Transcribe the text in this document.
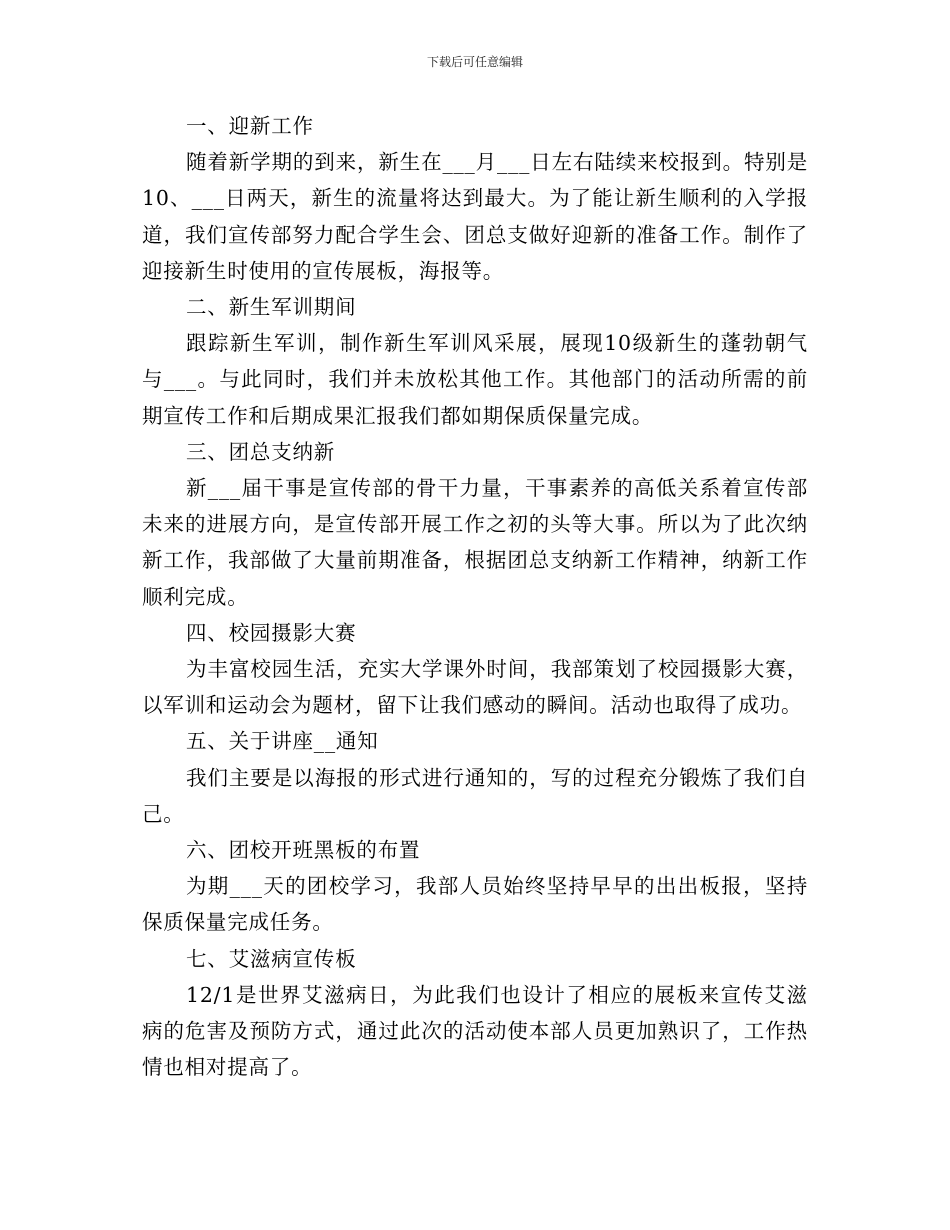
下载后可任意编辑

一、迎新工作

随着新学期的到来，新生在___月___日左右陆续来校报到。特别是10、___日两天，新生的流量将达到最大。为了能让新生顺利的入学报道，我们宣传部努力配合学生会、团总支做好迎新的准备工作。制作了迎接新生时使用的宣传展板，海报等。

二、新生军训期间

跟踪新生军训，制作新生军训风采展，展现10级新生的蓬勃朝气与___。与此同时，我们并未放松其他工作。其他部门的活动所需的前期宣传工作和后期成果汇报我们都如期保质保量完成。

三、团总支纳新

新___届干事是宣传部的骨干力量，干事素养的高低关系着宣传部未来的进展方向，是宣传部开展工作之初的头等大事。所以为了此次纳新工作，我部做了大量前期准备，根据团总支纳新工作精神，纳新工作顺利完成。

四、校园摄影大赛

为丰富校园生活，充实大学课外时间，我部策划了校园摄影大赛，以军训和运动会为题材，留下让我们感动的瞬间。活动也取得了成功。

五、关于讲座__通知

我们主要是以海报的形式进行通知的，写的过程充分锻炼了我们自己。

六、团校开班黑板的布置

为期___天的团校学习，我部人员始终坚持早早的出出板报，坚持保质保量完成任务。

七、艾滋病宣传板

12/1是世界艾滋病日，为此我们也设计了相应的展板来宣传艾滋病的危害及预防方式，通过此次的活动使本部人员更加熟识了，工作热情也相对提高了。
